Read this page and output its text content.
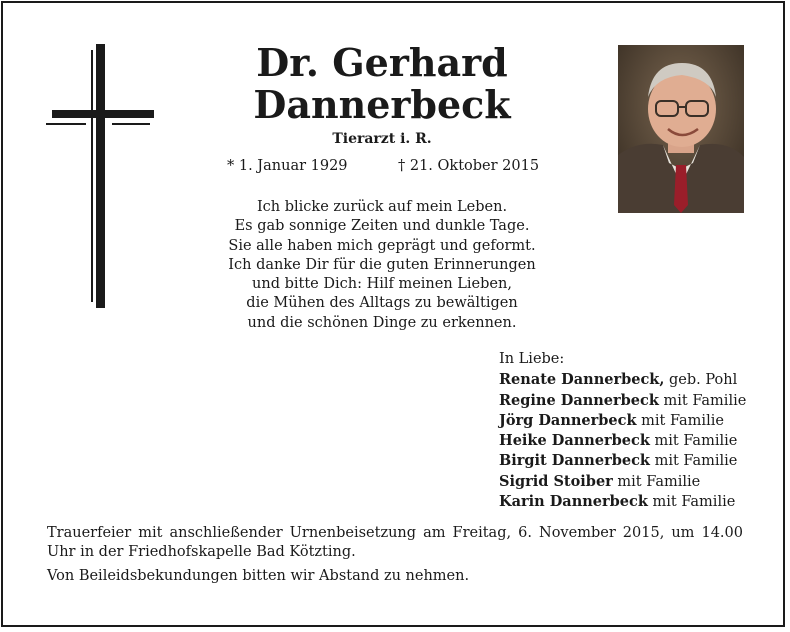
Dr. Gerhard
Dannerbeck
Tierarzt i. R.
* 1. Januar 1929	† 21. Oktober 2015
Ich blicke zurück auf mein Leben.
Es gab sonnige Zeiten und dunkle Tage.
Sie alle haben mich geprägt und geformt.
Ich danke Dir für die guten Erinnerungen
und bitte Dich: Hilf meinen Lieben,
die Mühen des Alltags zu bewältigen
und die schönen Dinge zu erkennen.
In Liebe:
Renate Dannerbeck, geb. Pohl
Regine Dannerbeck mit Familie
Jörg Dannerbeck mit Familie
Heike Dannerbeck mit Familie
Birgit Dannerbeck mit Familie
Sigrid Stoiber mit Familie
Karin Dannerbeck mit Familie
Trauerfeier mit anschließender Urnenbeisetzung am Freitag, 6. November 2015, um 14.00 Uhr in der Friedhofskapelle Bad Kötzting.
Von Beileidsbekundungen bitten wir Abstand zu nehmen.
